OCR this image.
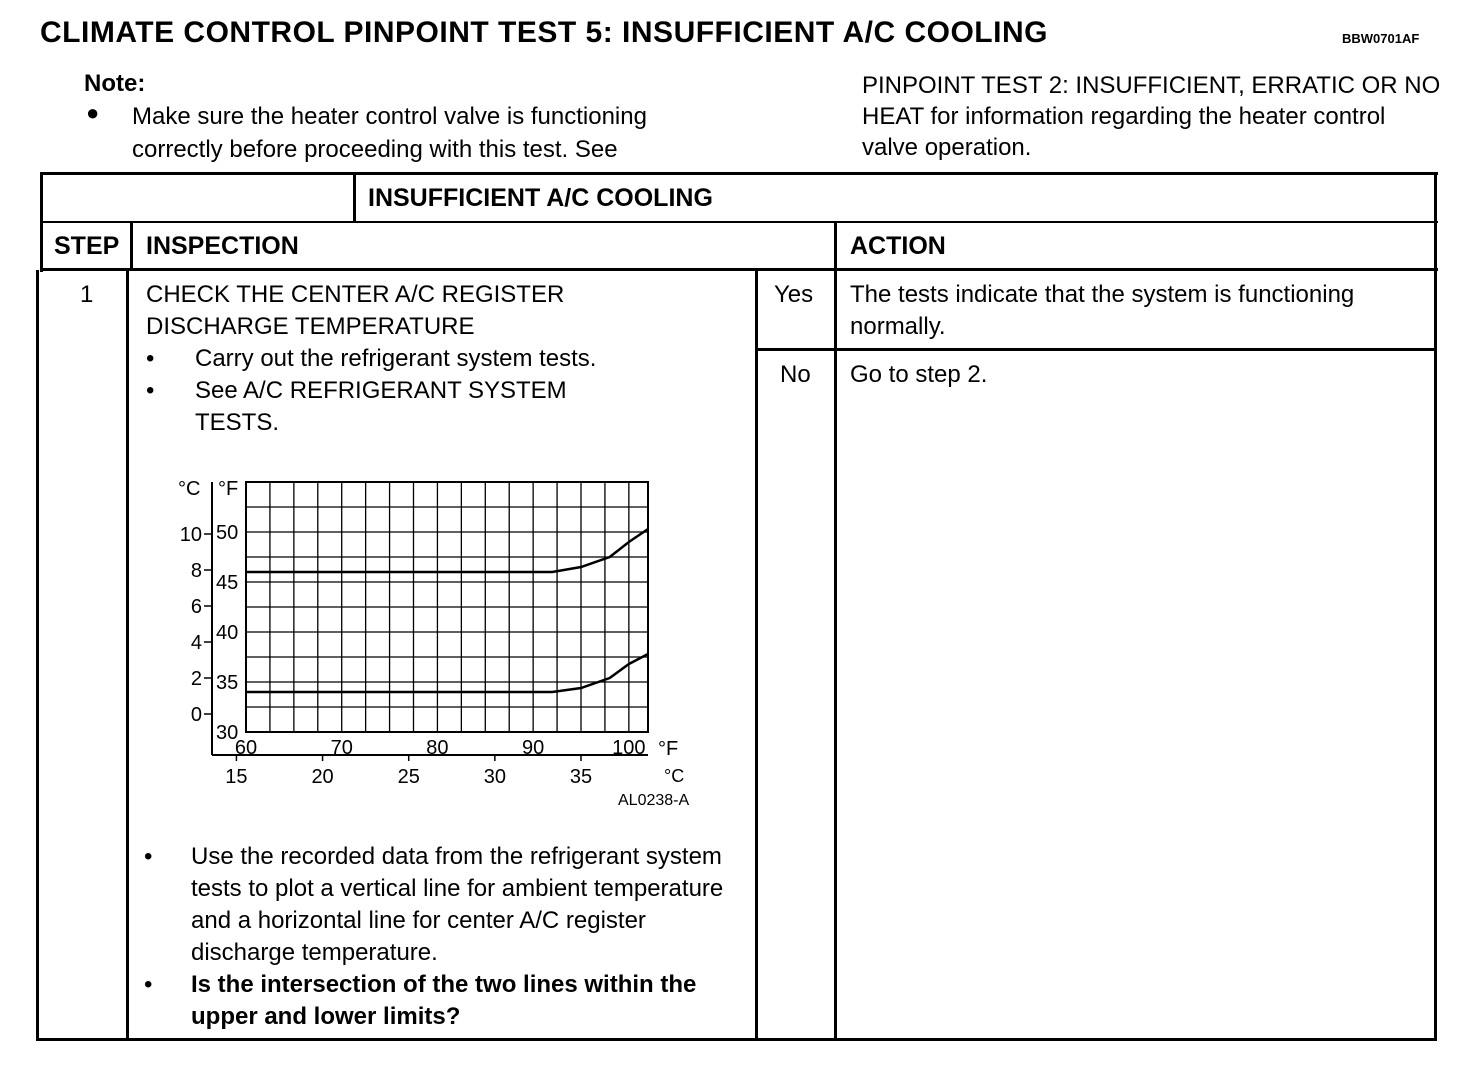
CLIMATE CONTROL PINPOINT TEST 5: INSUFFICIENT A/C COOLING	BBW0701AF
Note:
● Make sure the heater control valve is functioning correctly before proceeding with this test. See
PINPOINT TEST 2: INSUFFICIENT, ERRATIC OR NO HEAT for information regarding the heater control valve operation.
INSUFFICIENT A/C COOLING
STEP INSPECTION	ACTION
1 CHECK THE CENTER A/C REGISTER DISCHARGE TEMPERATURE
• Carry out the refrigerant system tests.
• See A/C REFRIGERANT SYSTEM TESTS.
Yes The tests indicate that the system is functioning normally.
No Go to step 2.
30
35
40
45
50
0
2
4
6
8
10
60	70	80	90	100
15	20	25	30	35
°C °F
°F
°C
AL0238-A
• Use the recorded data from the refrigerant system tests to plot a vertical line for ambient temperature and a horizontal line for center A/C register discharge temperature.
• Is the intersection of the two lines within the upper and lower limits?
